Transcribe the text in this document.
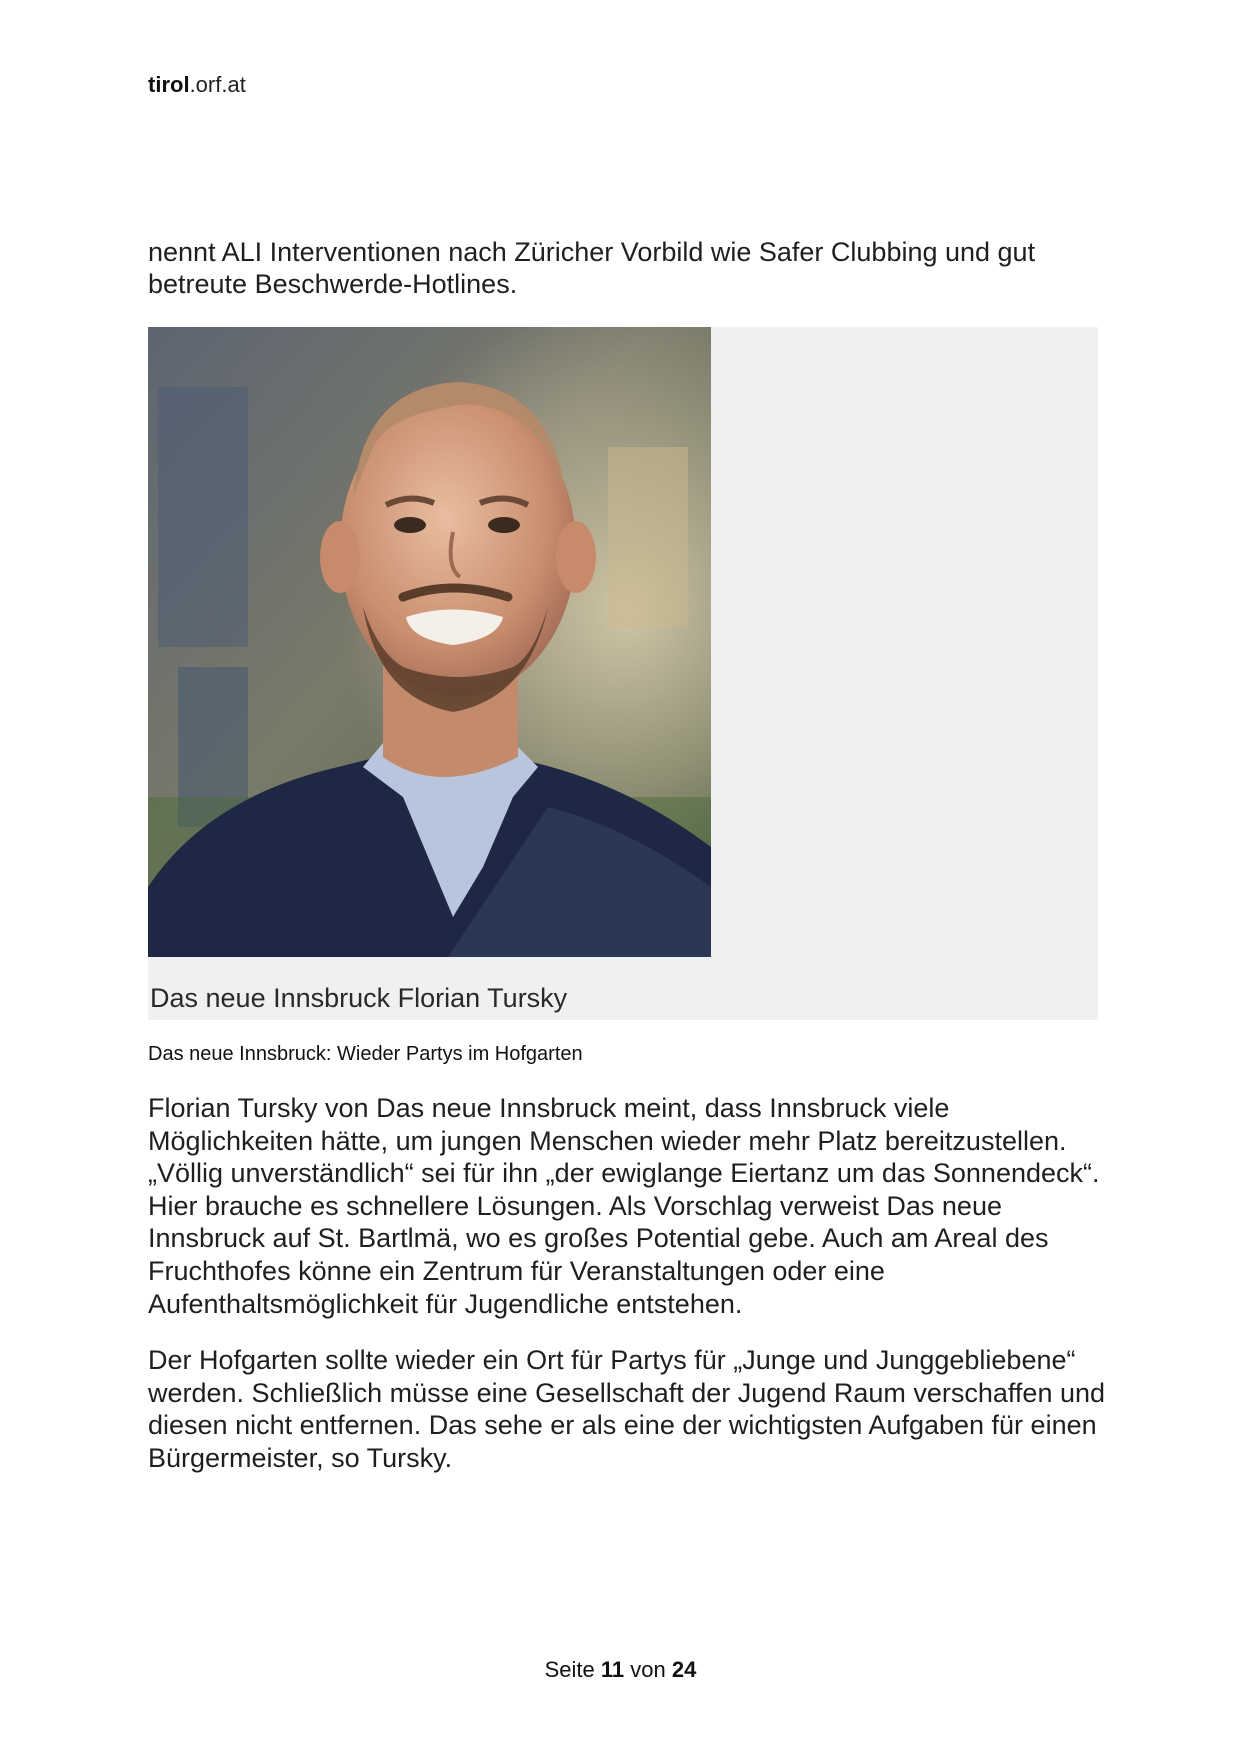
tirol.orf.at

nennt ALI Interventionen nach Züricher Vorbild wie Safer Clubbing und gut betreute Beschwerde-Hotlines.

Das neue Innsbruck Florian Tursky
Das neue Innsbruck: Wieder Partys im Hofgarten

Florian Tursky von Das neue Innsbruck meint, dass Innsbruck viele Möglichkeiten hätte, um jungen Menschen wieder mehr Platz bereitzustellen. „Völlig unverständlich“ sei für ihn „der ewiglange Eiertanz um das Sonnendeck“. Hier brauche es schnellere Lösungen. Als Vorschlag verweist Das neue Innsbruck auf St. Bartlmä, wo es großes Potential gebe. Auch am Areal des Fruchthofes könne ein Zentrum für Veranstaltungen oder eine Aufenthaltsmöglichkeit für Jugendliche entstehen.

Der Hofgarten sollte wieder ein Ort für Partys für „Junge und Junggebliebene“ werden. Schließlich müsse eine Gesellschaft der Jugend Raum verschaffen und diesen nicht entfernen. Das sehe er als eine der wichtigsten Aufgaben für einen Bürgermeister, so Tursky.

Seite 11 von 24
